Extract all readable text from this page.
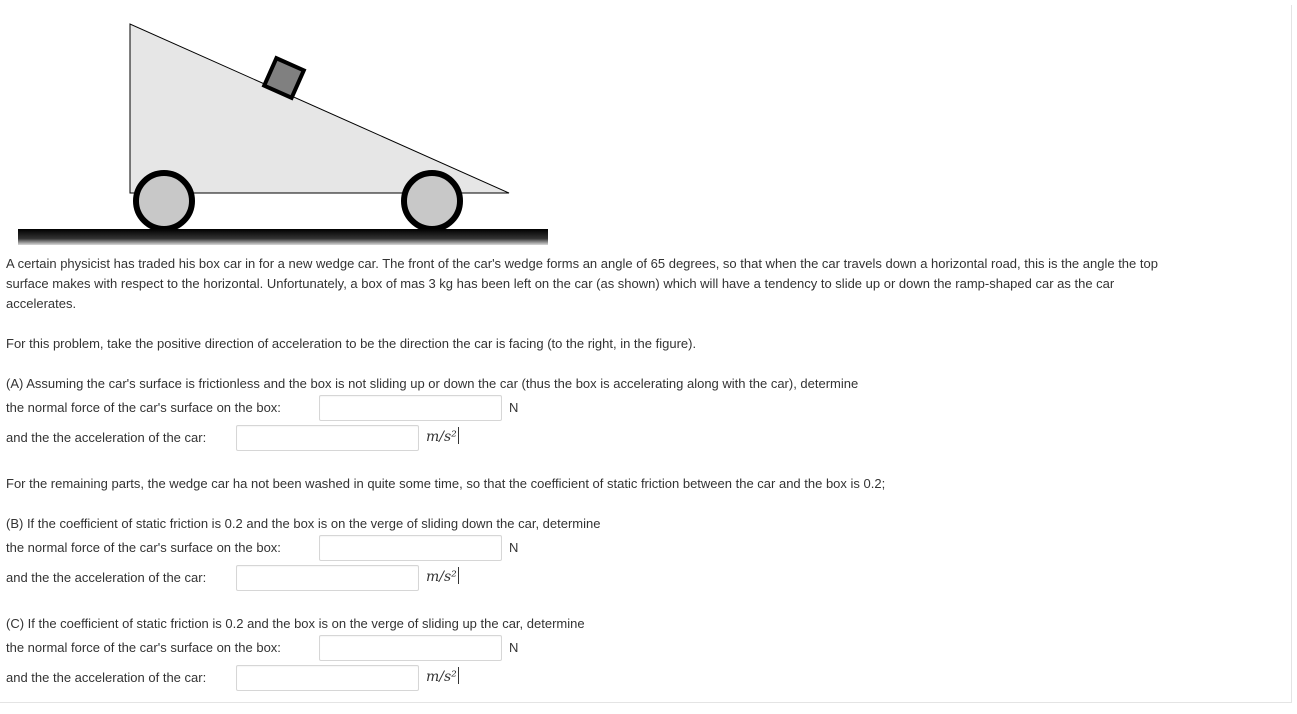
A certain physicist has traded his box car in for a new wedge car. The front of the car's wedge forms an angle of 65 degrees, so that when the car travels down a horizontal road, this is the angle the top
surface makes with respect to the horizontal. Unfortunately, a box of mas 3 kg has been left on the car (as shown) which will have a tendency to slide up or down the ramp-shaped car as the car
accelerates.
For this problem, take the positive direction of acceleration to be the direction the car is facing (to the right, in the figure).
(A) Assuming the car's surface is frictionless and the box is not sliding up or down the car (thus the box is accelerating along with the car), determine
the normal force of the car's surface on the box:	N
and the the acceleration of the car:	m/s²
For the remaining parts, the wedge car ha not been washed in quite some time, so that the coefficient of static friction between the car and the box is 0.2;
(B) If the coefficient of static friction is 0.2 and the box is on the verge of sliding down the car, determine
the normal force of the car's surface on the box:	N
and the the acceleration of the car:	m/s²
(C) If the coefficient of static friction is 0.2 and the box is on the verge of sliding up the car, determine
the normal force of the car's surface on the box:	N
and the the acceleration of the car:	m/s²
